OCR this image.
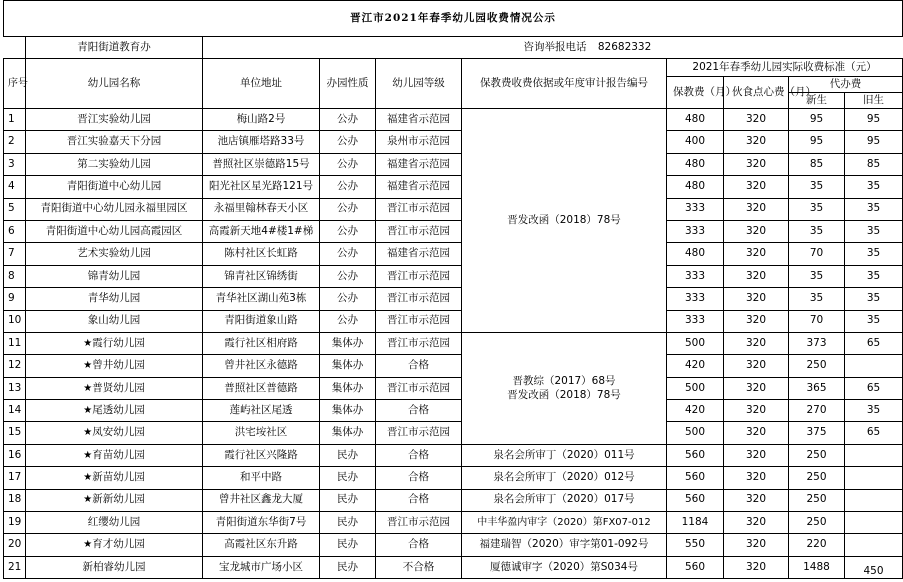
晋江市2021年春季幼儿园收费情况公示									
	青阳街道教育办				咨询举报电话 82682332				
序号	幼儿园名称	单位地址	办园性质	幼儿园等级	保教费收费依据或年度审计报告编号	2021年春季幼儿园实际收费标准（元）			
						保教费（月）	伙食点心费（月）	代办费	
								新生	旧生
1	晋江实验幼儿园	梅山路2号	公办	福建省示范园	晋发改函（2018）78号	480	320	95	95
2	晋江实验嘉天下分园	池店镇雁塔路33号	公办	泉州市示范园		400	320	95	95
3	第二实验幼儿园	普照社区崇德路15号	公办	福建省示范园		480	320	85	85
4	青阳街道中心幼儿园	阳光社区星光路121号	公办	福建省示范园		480	320	35	35
5	青阳街道中心幼儿园永福里园区	永福里翰林春天小区	公办	晋江市示范园		333	320	35	35
6	青阳街道中心幼儿园高霞园区	高霞新天地4#楼1#梯	公办	晋江市示范园		333	320	35	35
7	艺术实验幼儿园	陈村社区长虹路	公办	福建省示范园		480	320	70	35
8	锦青幼儿园	锦青社区锦绣街	公办	晋江市示范园		333	320	35	35
9	青华幼儿园	青华社区湖山苑3栋	公办	晋江市示范园		333	320	35	35
10	象山幼儿园	青阳街道象山路	公办	晋江市示范园		333	320	70	35
11	★霞行幼儿园	霞行社区相府路	集体办	晋江市示范园	晋教综（2017）68号
晋发改函（2018）78号	500	320	373	65
12	★曾井幼儿园	曾井社区永德路	集体办	合格		420	320	250	
13	★普贤幼儿园	普照社区普德路	集体办	晋江市示范园		500	320	365	65
14	★尾透幼儿园	莲屿社区尾透	集体办	合格		420	320	270	35
15	★凤安幼儿园	洪宅垵社区	集体办	晋江市示范园		500	320	375	65
16	★育苗幼儿园	霞行社区兴隆路	民办	合格	泉名会所审丁（2020）011号	560	320	250	
17	★新苗幼儿园	和平中路	民办	合格	泉名会所审丁（2020）012号	560	320	250	
18	★新新幼儿园	曾井社区鑫龙大厦	民办	合格	泉名会所审丁（2020）017号	560	320	250	
19	红缨幼儿园	青阳街道东华街7号	民办	晋江市示范园	中丰华盈内审字（2020）第FX07-012	1184	320	250	
20	★育才幼儿园	高霞社区东升路	民办	合格	福建瑞智（2020）审字第01-092号	550	320	220	
21	新柏睿幼儿园	宝龙城市广场小区	民办	不合格	厦德诚审字（2020）第S034号	560	320	1488	450
